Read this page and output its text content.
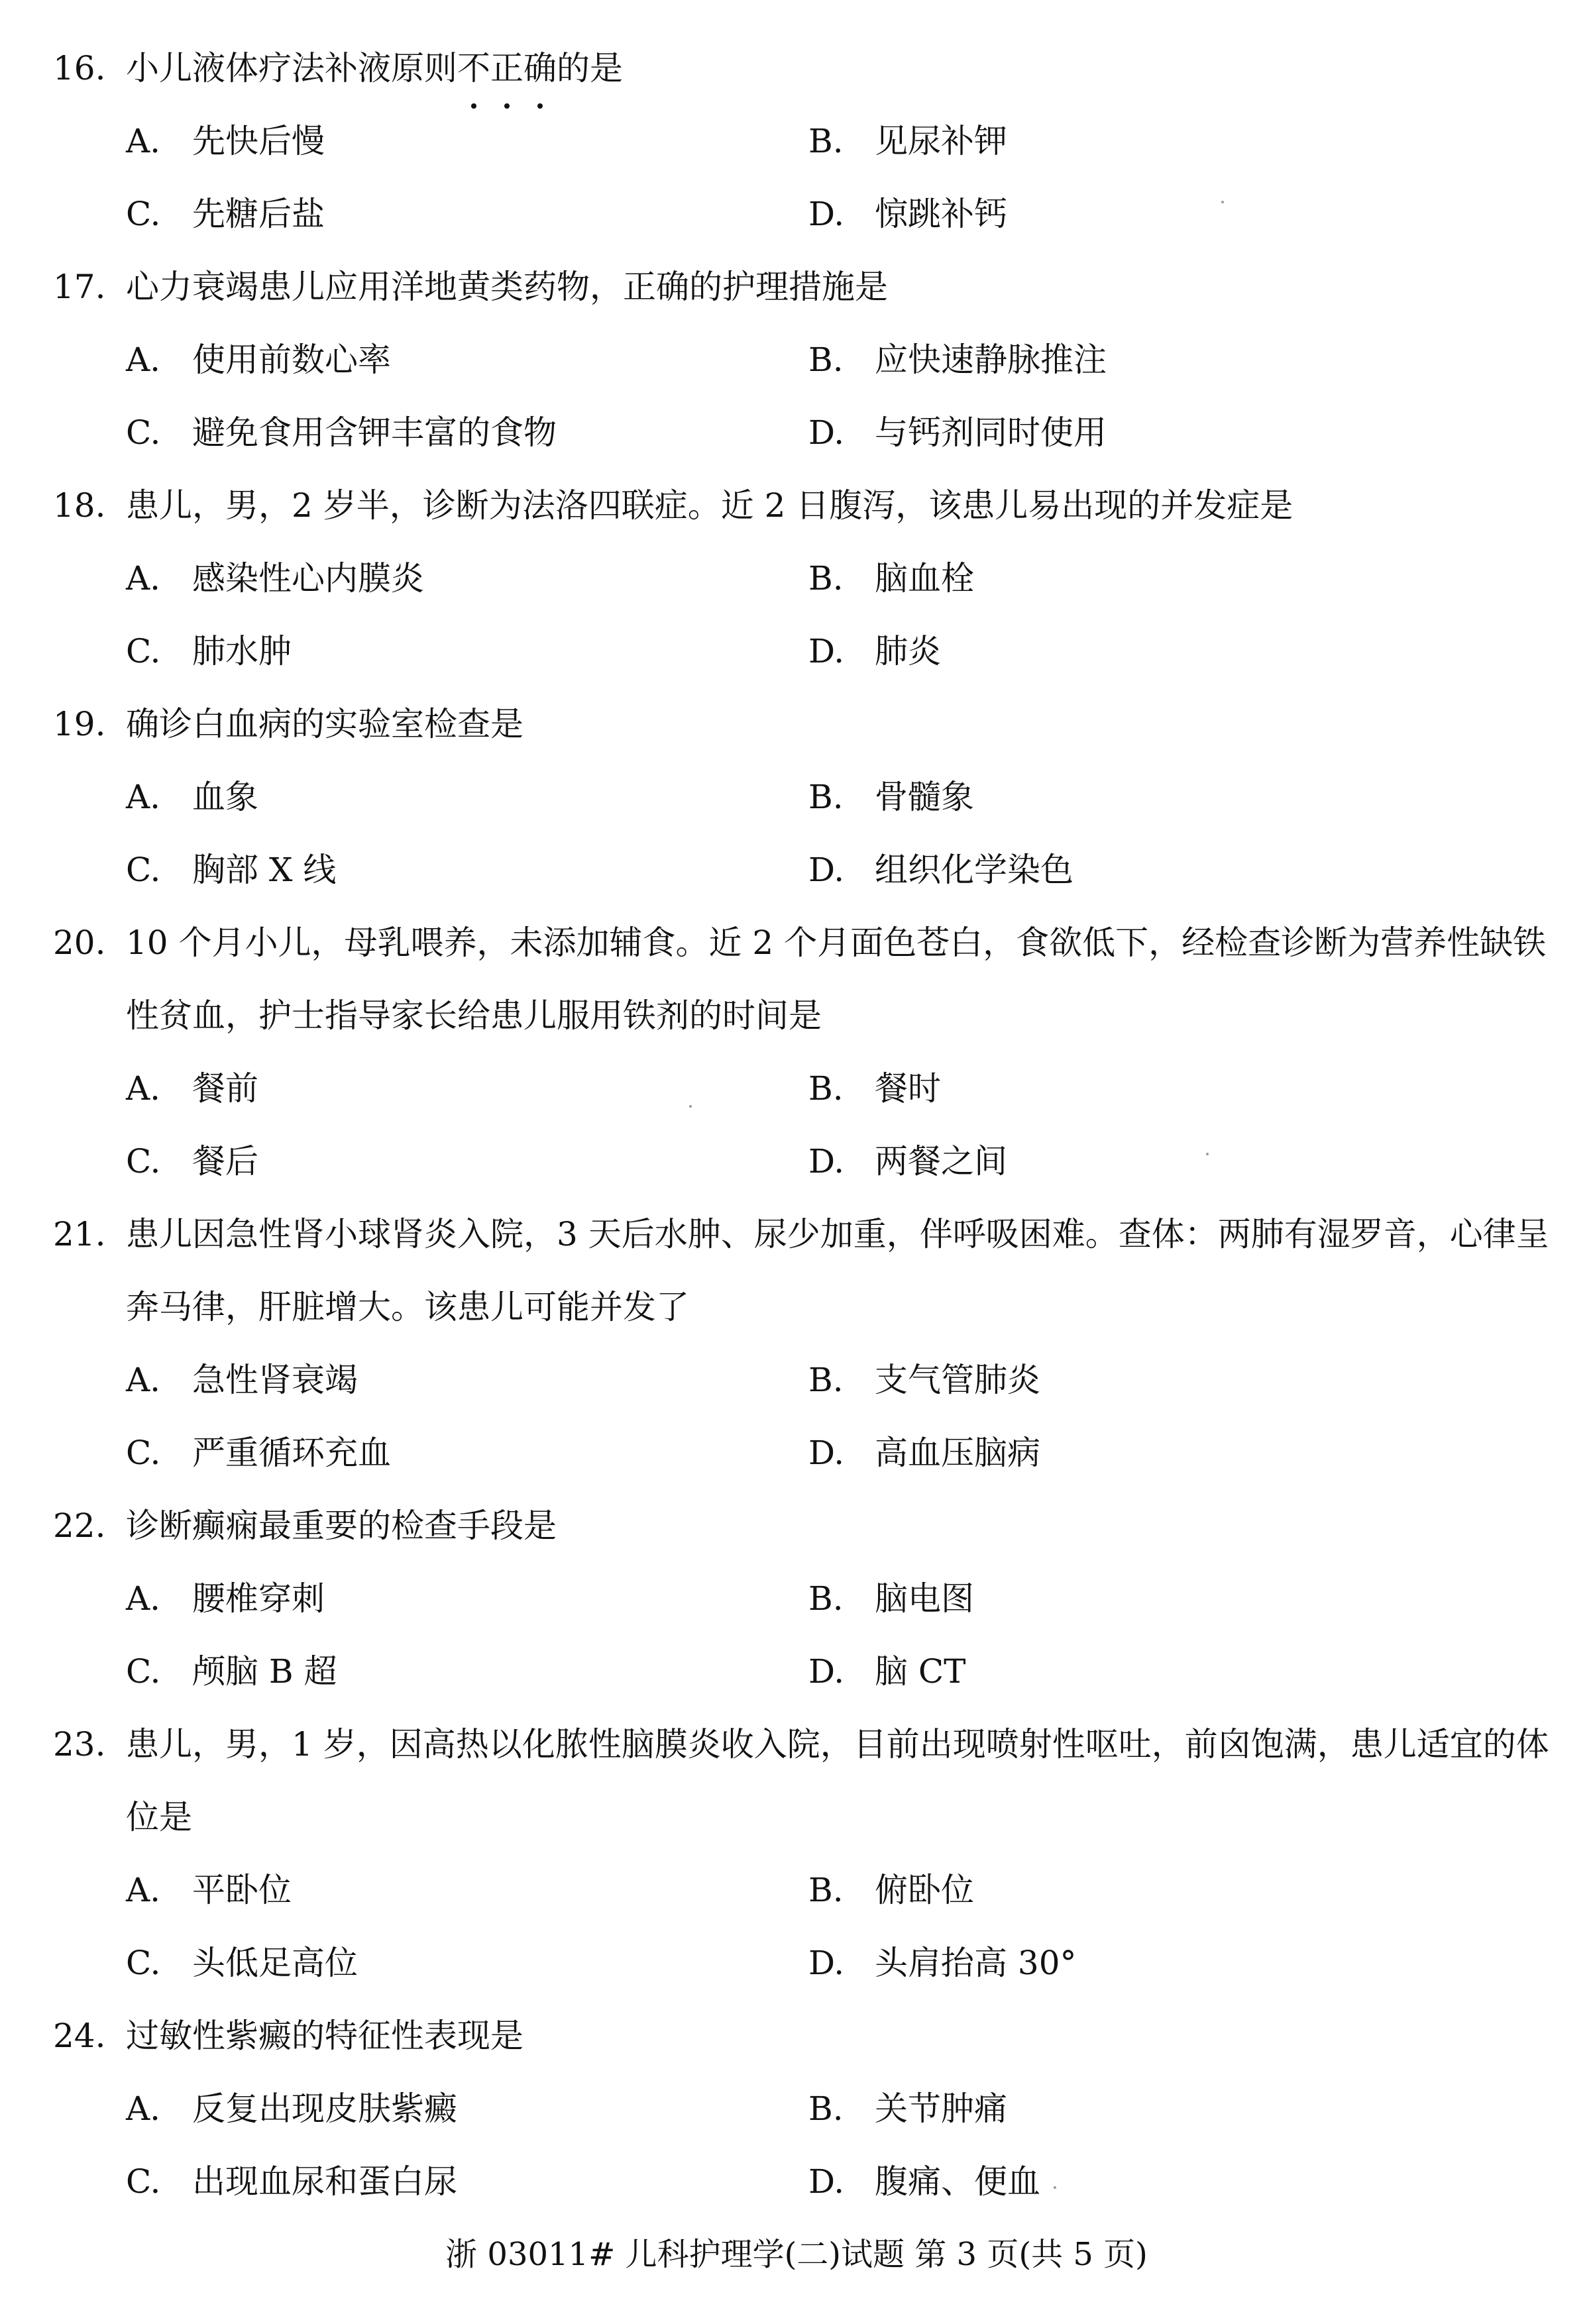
16. 小儿液体疗法补液原则不正确的是

A. 先快后慢	B. 见尿补钾
C. 先糖后盐	D. 惊跳补钙

17. 心力衰竭患儿应用洋地黄类药物，正确的护理措施是

A. 使用前数心率	B. 应快速静脉推注
C. 避免食用含钾丰富的食物	D. 与钙剂同时使用

18. 患儿，男，2 岁半，诊断为法洛四联症。近 2 日腹泻，该患儿易出现的并发症是

A. 感染性心内膜炎	B. 脑血栓
C. 肺水肿	D. 肺炎

19. 确诊白血病的实验室检查是

A. 血象	B. 骨髓象
C. 胸部 X 线	D. 组织化学染色

20. 10 个月小儿，母乳喂养，未添加辅食。近 2 个月面色苍白，食欲低下，经检查诊断为营养性缺铁性贫血，护士指导家长给患儿服用铁剂的时间是

A. 餐前	B. 餐时
C. 餐后	D. 两餐之间

21. 患儿因急性肾小球肾炎入院，3 天后水肿、尿少加重，伴呼吸困难。查体：两肺有湿罗音，心律呈奔马律，肝脏增大。该患儿可能并发了

A. 急性肾衰竭	B. 支气管肺炎
C. 严重循环充血	D. 高血压脑病

22. 诊断癫痫最重要的检查手段是

A. 腰椎穿刺	B. 脑电图
C. 颅脑 B 超	D. 脑 CT

23. 患儿，男，1 岁，因高热以化脓性脑膜炎收入院，目前出现喷射性呕吐，前囟饱满，患儿适宜的体位是

A. 平卧位	B. 俯卧位
C. 头低足高位	D. 头肩抬高 30°

24. 过敏性紫癜的特征性表现是

A. 反复出现皮肤紫癜	B. 关节肿痛
C. 出现血尿和蛋白尿	D. 腹痛、便血
浙 03011# 儿科护理学(二)试题 第 3 页(共 5 页)
